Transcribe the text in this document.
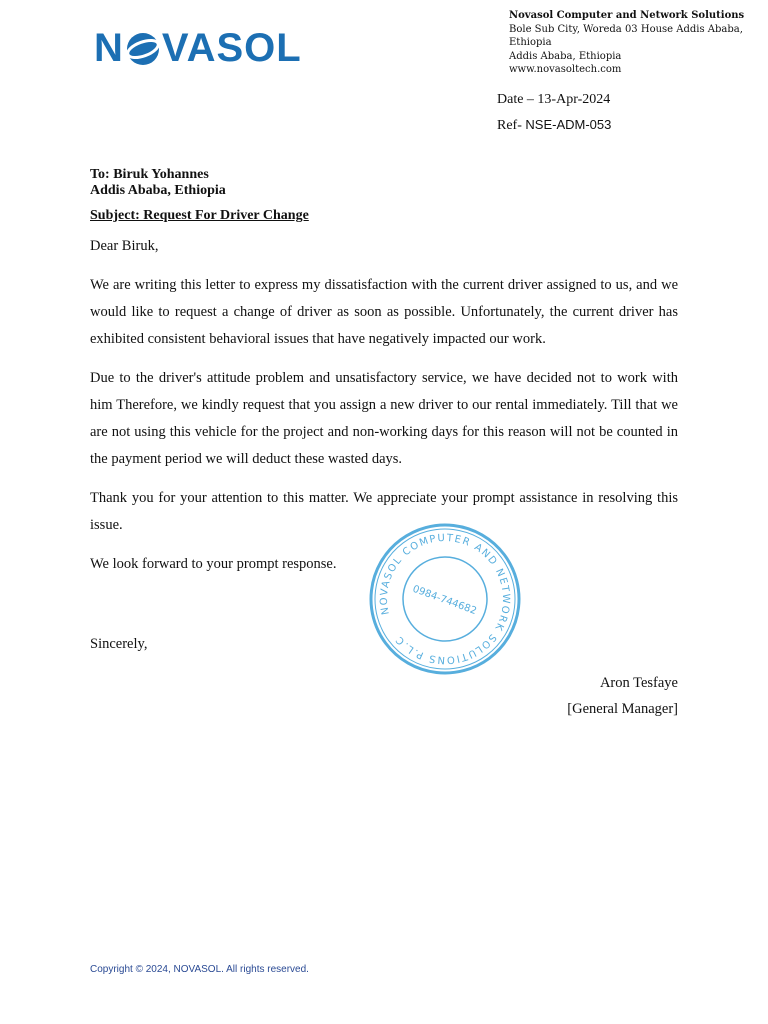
N VASOL
Novasol Computer and Network Solutions
Bole Sub City, Woreda 03 House Addis Ababa,
Ethiopia
Addis Ababa, Ethiopia
www.novasoltech.com
Date – 13-Apr-2024
Ref- NSE-ADM-053
To: Biruk Yohannes
Addis Ababa, Ethiopia
Subject: Request For Driver Change

Dear Biruk,

We are writing this letter to express my dissatisfaction with the current driver assigned to us, and we would like to request a change of driver as soon as possible. Unfortunately, the current driver has exhibited consistent behavioral issues that have negatively impacted our work.

Due to the driver's attitude problem and unsatisfactory service, we have decided not to work with him Therefore, we kindly request that you assign a new driver to our rental immediately. Till that we are not using this vehicle for the project and non-working days for this reason will not be counted in the payment period we will deduct these wasted days.

Thank you for your attention to this matter. We appreciate your prompt assistance in resolving this issue.

We look forward to your prompt response.

Sincerely,

NOVASOL COMPUTER AND NETWORK SOLUTIONS P.L.C
0984-744682
Aron Tesfaye
[General Manager]
Copyright © 2024, NOVASOL. All rights reserved.
